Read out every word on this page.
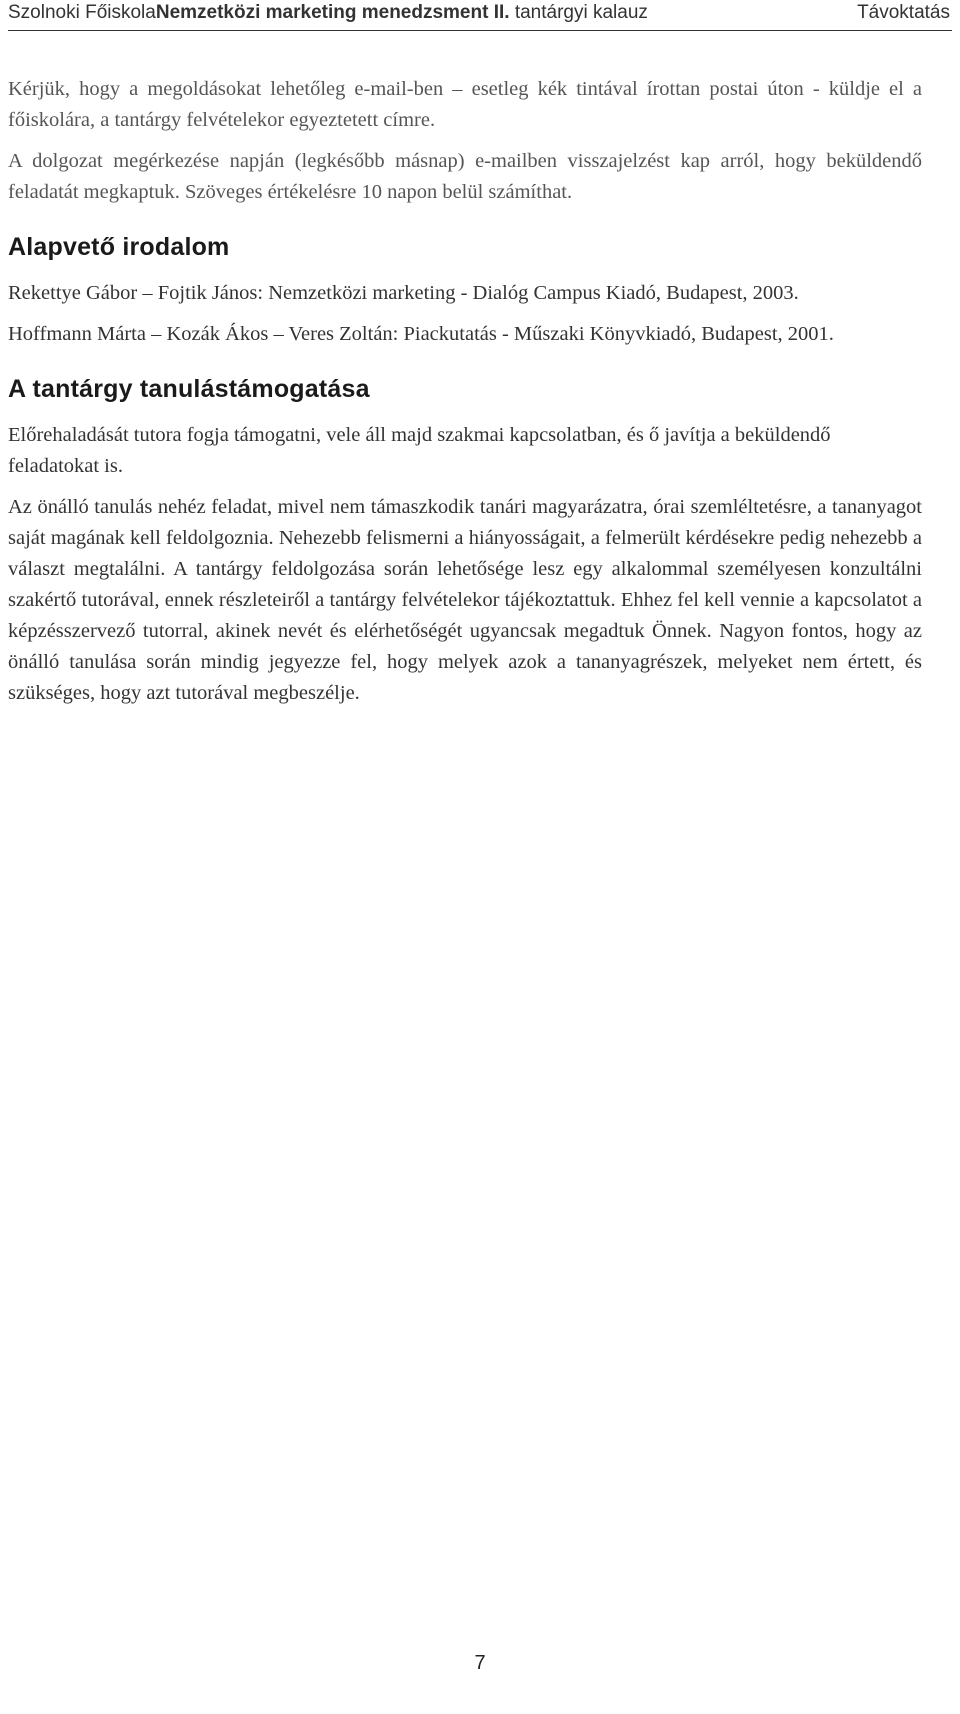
Szolnoki FőiskolaNemzetközi marketing menedzsment II. tantárgyi kalauz	Távoktatás

Kérjük, hogy a megoldásokat lehetőleg e-mail-ben – esetleg kék tintával írottan postai úton - küldje el a főiskolára, a tantárgy felvételekor egyeztetett címre.

A dolgozat megérkezése napján (legkésőbb másnap) e-mailben visszajelzést kap arról, hogy beküldendő feladatát megkaptuk. Szöveges értékelésre 10 napon belül számíthat.

Alapvető irodalom

Rekettye Gábor – Fojtik János: Nemzetközi marketing - Dialóg Campus Kiadó, Budapest, 2003.

Hoffmann Márta – Kozák Ákos – Veres Zoltán: Piackutatás - Műszaki Könyvkiadó, Budapest, 2001.

A tantárgy tanulástámogatása

Előrehaladását tutora fogja támogatni, vele áll majd szakmai kapcsolatban, és ő javítja a beküldendő feladatokat is.

Az önálló tanulás nehéz feladat, mivel nem támaszkodik tanári magyarázatra, órai szemléltetésre, a tananyagot saját magának kell feldolgoznia. Nehezebb felismerni a hiányosságait, a felmerült kérdésekre pedig nehezebb a választ megtalálni. A tantárgy feldolgozása során lehetősége lesz egy alkalommal személyesen konzultálni szakértő tutorával, ennek részleteiről a tantárgy felvételekor tájékoztattuk. Ehhez fel kell vennie a kapcsolatot a képzésszervező tutorral, akinek nevét és elérhetőségét ugyancsak megadtuk Önnek. Nagyon fontos, hogy az önálló tanulása során mindig jegyezze fel, hogy melyek azok a tananyagrészek, melyeket nem értett, és szükséges, hogy azt tutorával megbeszélje.

7
